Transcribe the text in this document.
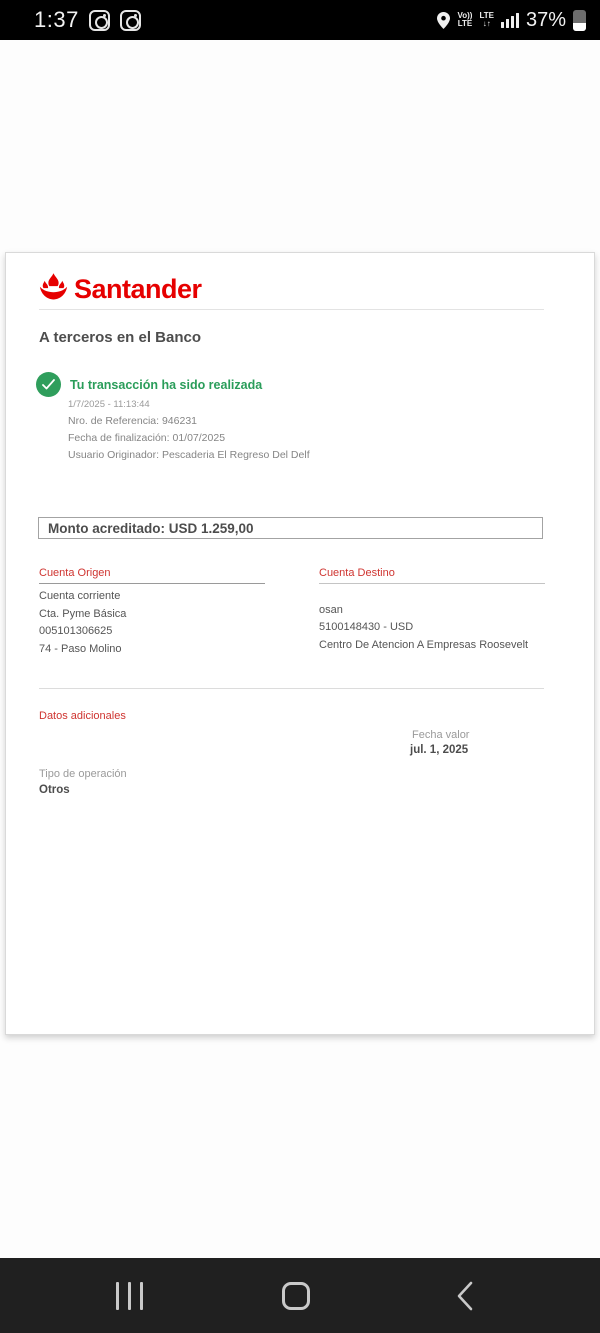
1:37	Vo))
LTE
LTE
↓↑ 37%
Santander
A terceros en el Banco
Tu transacción ha sido realizada
1/7/2025 - 11:13:44
Nro. de Referencia: 946231
Fecha de finalización: 01/07/2025
Usuario Originador: Pescaderia El Regreso Del Delf
Monto acreditado: USD 1.259,00
Cuenta Origen
Cuenta corriente
Cta. Pyme Básica
005101306625
74 - Paso Molino
Cuenta Destino
osan
5100148430 - USD
Centro De Atencion A Empresas Roosevelt
Datos adicionales
Fecha valor
jul. 1, 2025
Tipo de operación
Otros
